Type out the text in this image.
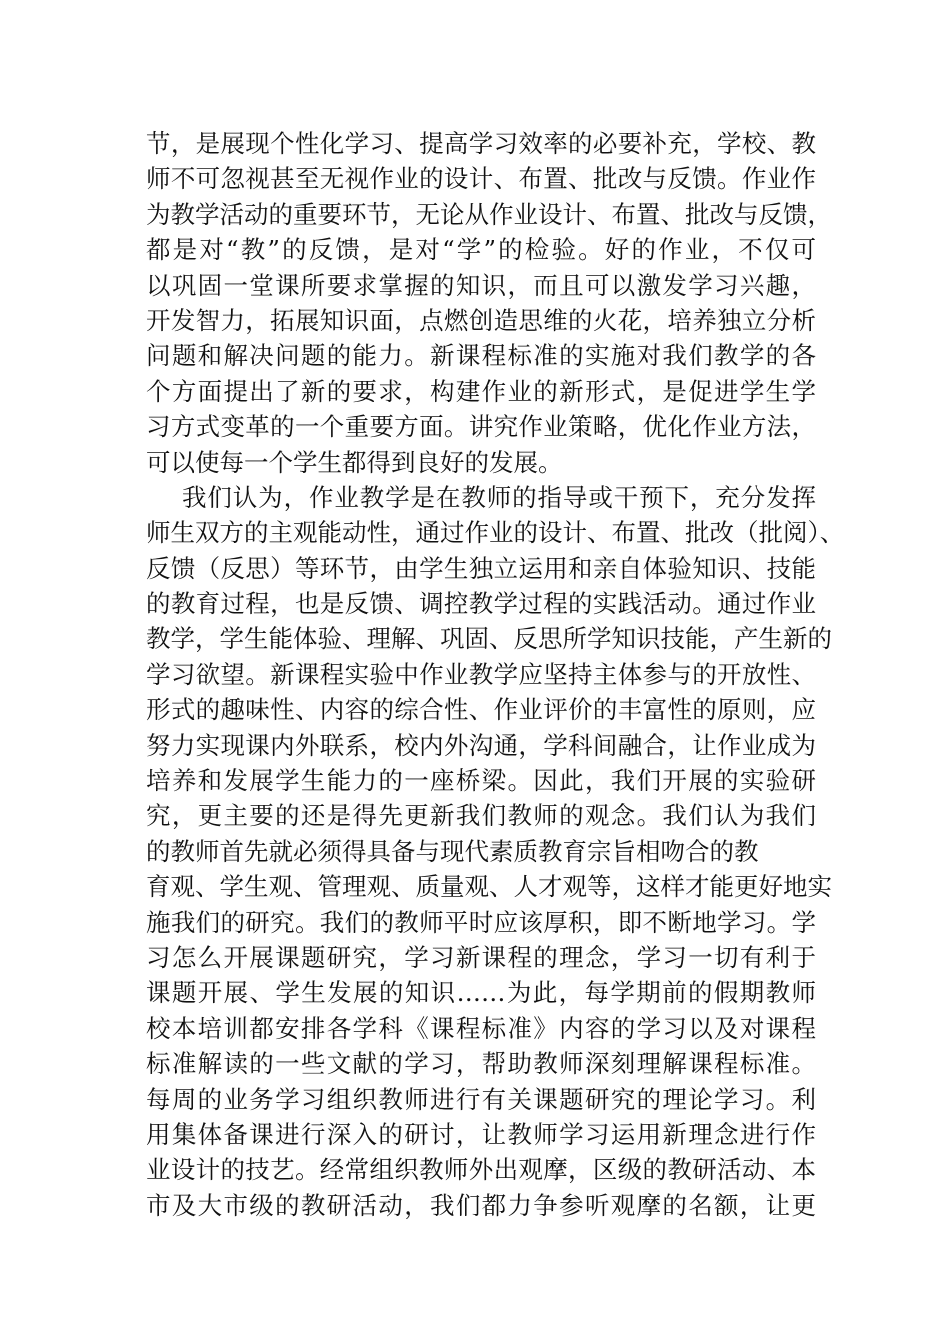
节，是展现个性化学习、提高学习效率的必要补充，学校、教
师不可忽视甚至无视作业的设计、布置、批改与反馈。作业作
为教学活动的重要环节，无论从作业设计、布置、批改与反馈，
都是对“教”的反馈，是对“学”的检验。好的作业，不仅可
以巩固一堂课所要求掌握的知识，而且可以激发学习兴趣，
开发智力，拓展知识面，点燃创造思维的火花，培养独立分析
问题和解决问题的能力。新课程标准的实施对我们教学的各
个方面提出了新的要求，构建作业的新形式，是促进学生学
习方式变革的一个重要方面。讲究作业策略，优化作业方法，
可以使每一个学生都得到良好的发展。
我们认为，作业教学是在教师的指导或干预下，充分发挥
师生双方的主观能动性，通过作业的设计、布置、批改（批阅）、
反馈（反思）等环节，由学生独立运用和亲自体验知识、技能
的教育过程，也是反馈、调控教学过程的实践活动。通过作业
教学，学生能体验、理解、巩固、反思所学知识技能，产生新的
学习欲望。新课程实验中作业教学应坚持主体参与的开放性、
形式的趣味性、内容的综合性、作业评价的丰富性的原则，应
努力实现课内外联系，校内外沟通，学科间融合，让作业成为
培养和发展学生能力的一座桥梁。因此，我们开展的实验研
究，更主要的还是得先更新我们教师的观念。我们认为我们
的教师首先就必须得具备与现代素质教育宗旨相吻合的教
育观、学生观、管理观、质量观、人才观等，这样才能更好地实
施我们的研究。我们的教师平时应该厚积，即不断地学习。学
习怎么开展课题研究，学习新课程的理念，学习一切有利于
课题开展、学生发展的知识……为此，每学期前的假期教师
校本培训都安排各学科《课程标准》内容的学习以及对课程
标准解读的一些文献的学习，帮助教师深刻理解课程标准。
每周的业务学习组织教师进行有关课题研究的理论学习。利
用集体备课进行深入的研讨，让教师学习运用新理念进行作
业设计的技艺。经常组织教师外出观摩，区级的教研活动、本
市及大市级的教研活动，我们都力争参听观摩的名额，让更
